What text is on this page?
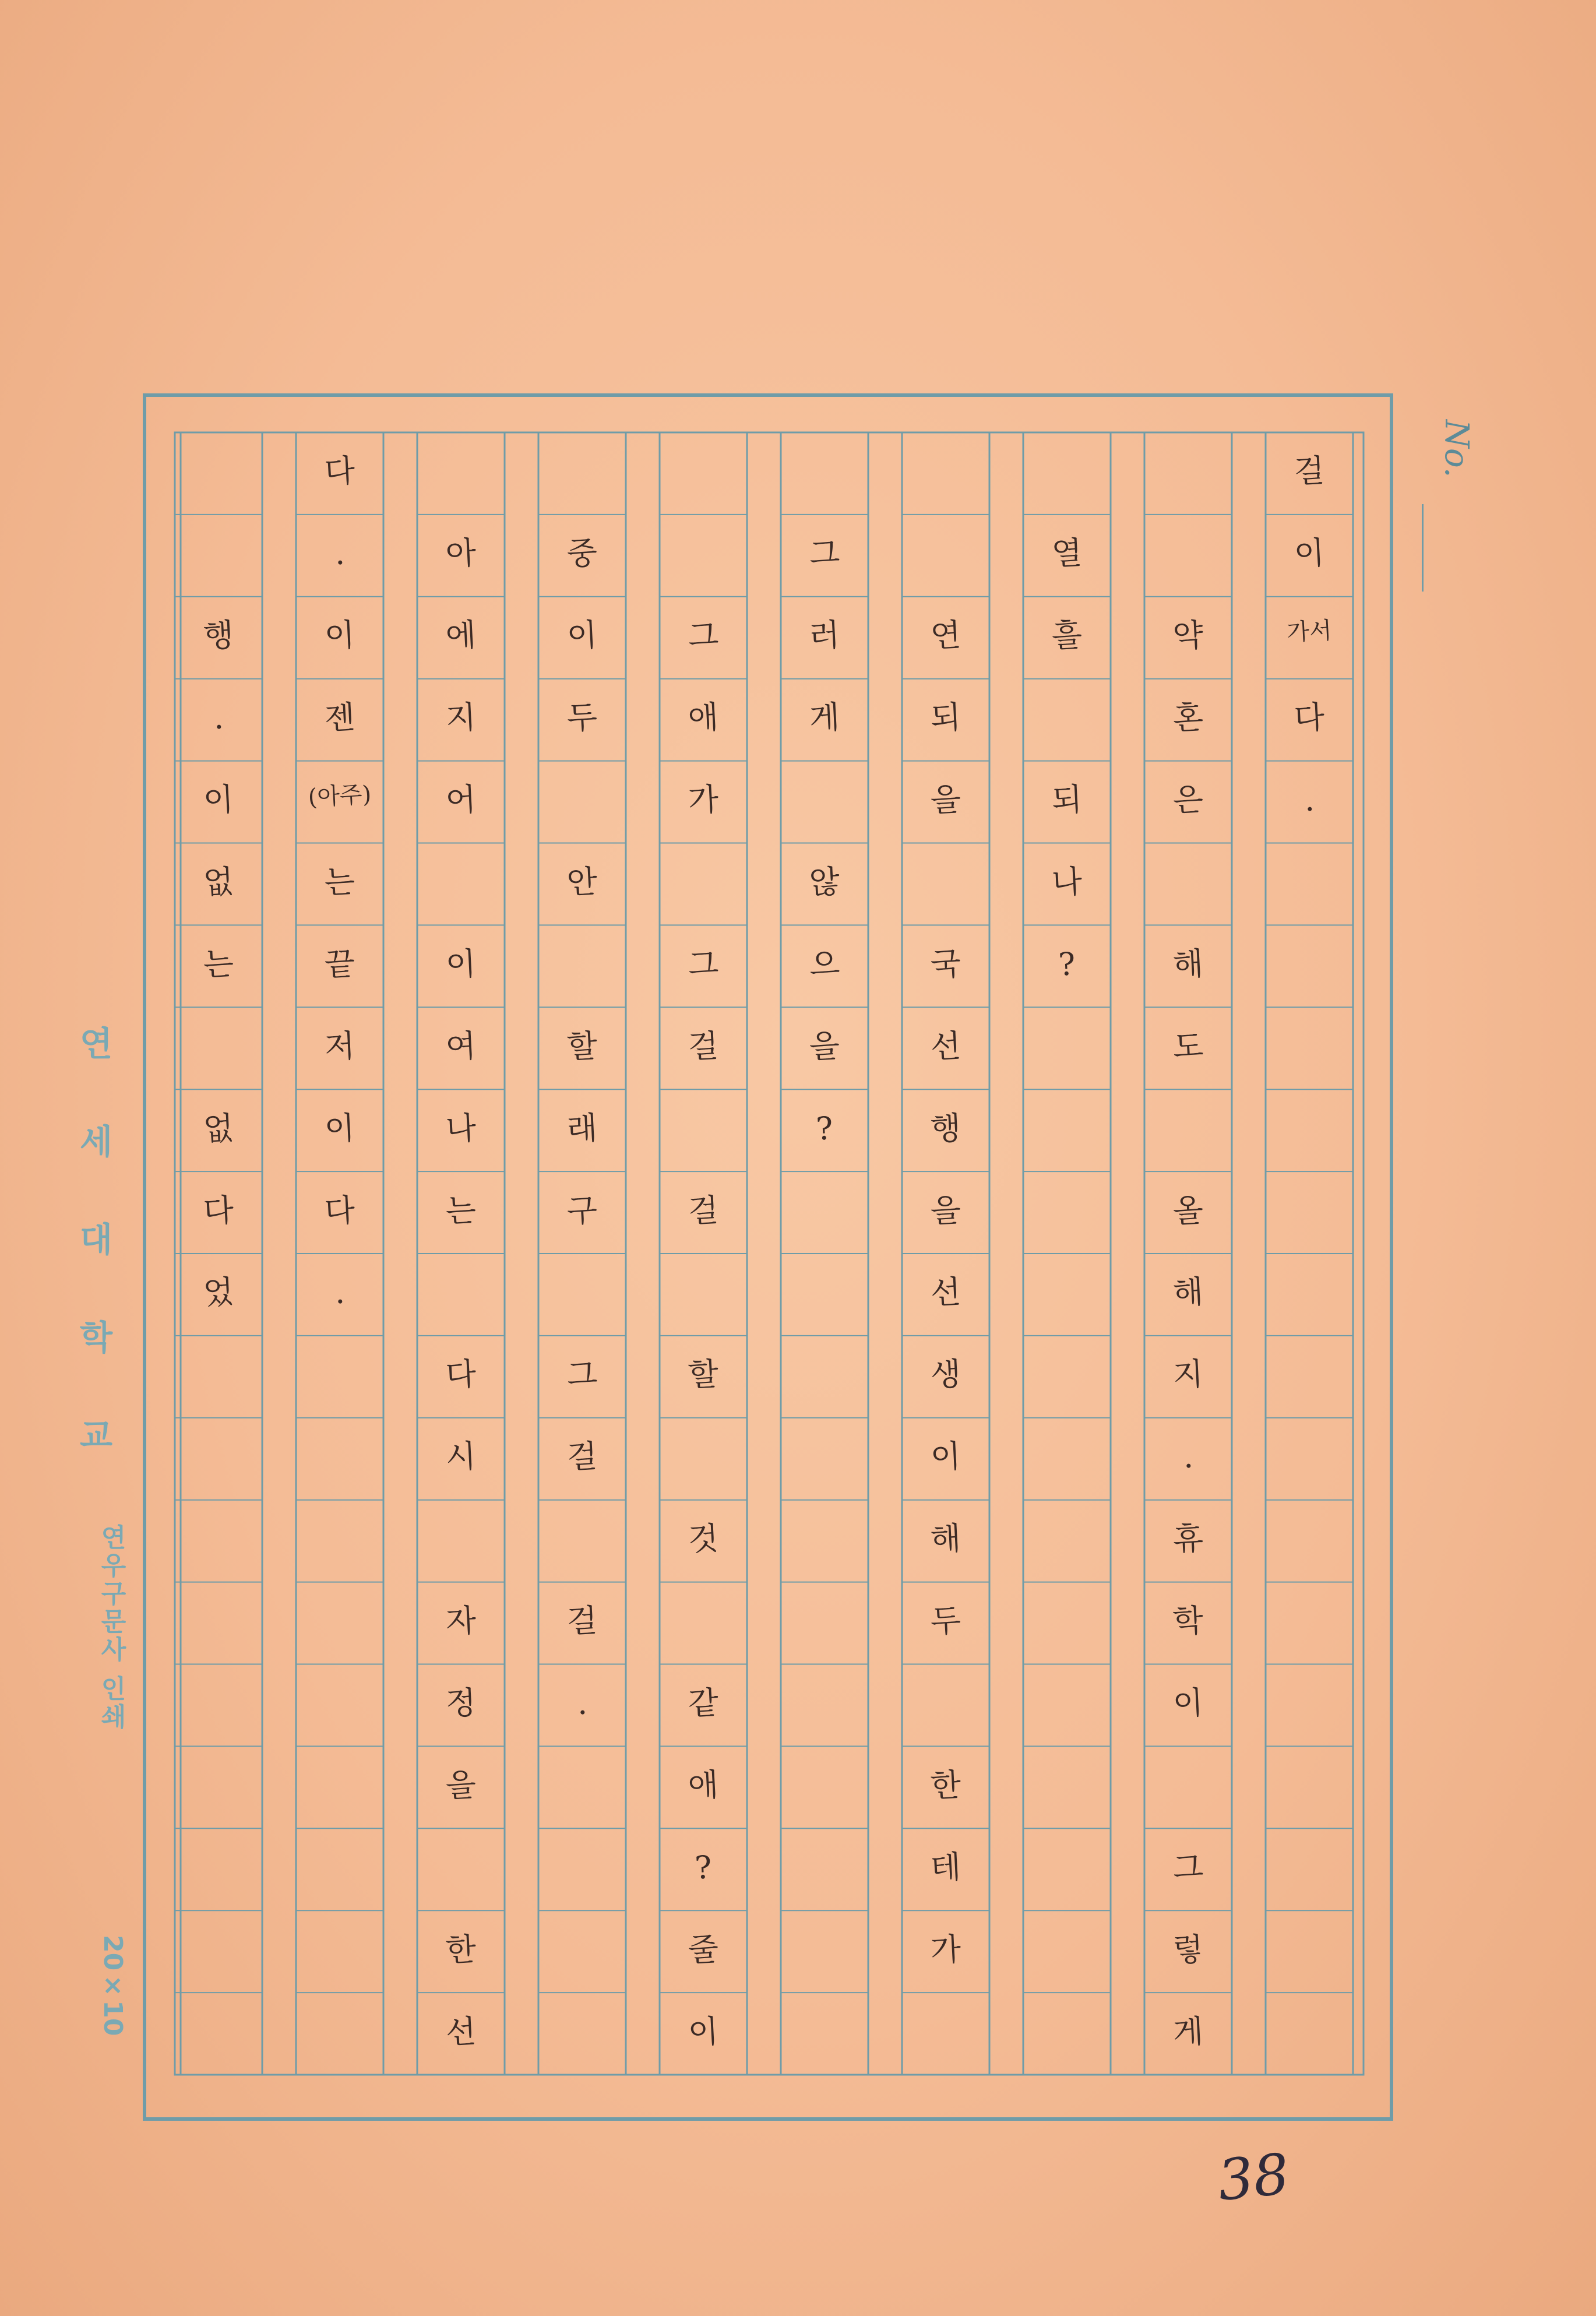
No.
연세대학교
연우구문사 인쇄
20×10
걸
이
가서
다
.
약
혼
은
해
도
올
해
지
.
휴
학
이
그
렇
게
열
흘
되
나
?
연
되
을
국
선
행
을
선
생
이
해
두
한
테
가
그
러
게
않
으
을
?
그
애
가
그
걸
걸
할
것
같
애
?
줄
이
중
이
두
안
할
래
구
그
걸
걸
.
아
에
지
어
이
여
나
는
다
시
자
정
을
한
선
다
.
이
젠
(아주)
는
끝
저
이
다
.
행
.
이
없
는
없
다
었
38
